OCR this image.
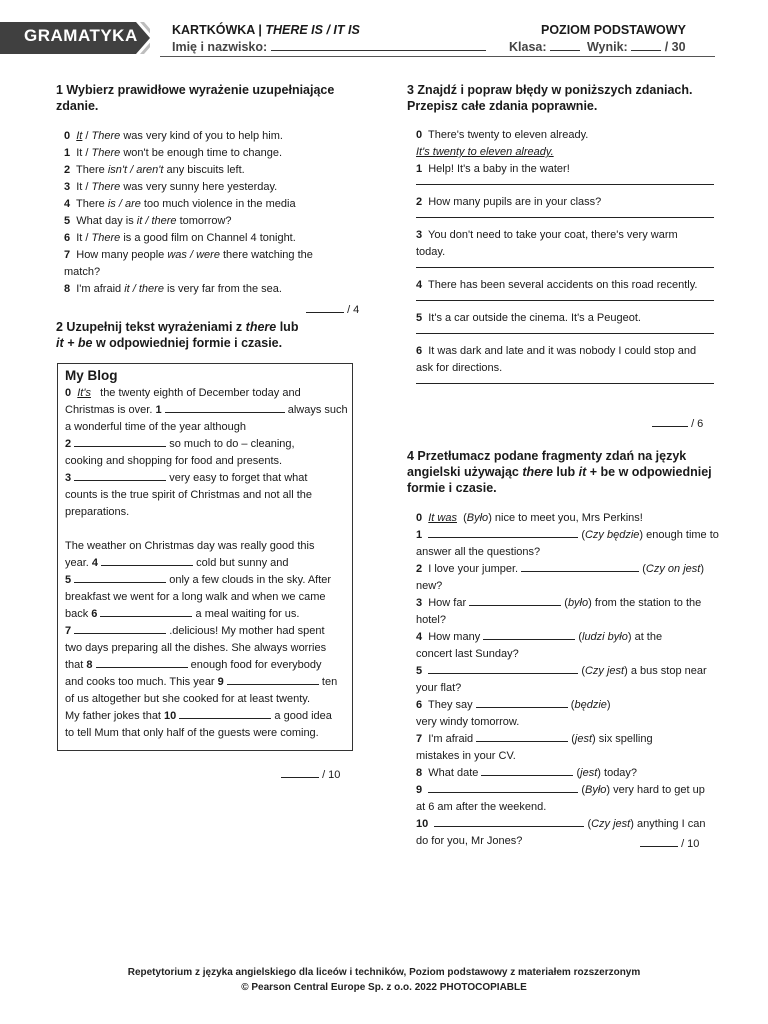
GRAMATYKA	KARTKÓWKA | THERE IS / IT IS
Imię i nazwisko:
POZIOM PODSTAWOWY
Klasa:	Wynik:	/ 30
1 Wybierz prawidłowe wyrażenie uzupełniające
zdanie.
0 It / There was very kind of you to help him.
1 It / There won't be enough time to change.
2 There isn't / aren't any biscuits left.
3 It / There was very sunny here yesterday.
4 There is / are too much violence in the media
5 What day is it / there tomorrow?
6 It / There is a good film on Channel 4 tonight.
7 How many people was / were there watching the
match?
8 I'm afraid it / there is very far from the sea.
/ 4
2 Uzupełnij tekst wyrażeniami z there lub
it + be w odpowiedniej formie i czasie.
My Blog
0 It's   the twenty eighth of December today and
Christmas is over. 1	always such
a wonderful time of the year although
2	so much to do – cleaning,
cooking and shopping for food and presents.
3	very easy to forget that what
counts is the true spirit of Christmas and not all the
preparations.
The weather on Christmas day was really good this
year. 4	cold but sunny and
5	only a few clouds in the sky. After
breakfast we went for a long walk and when we came
back 6	a meal waiting for us.
7	.delicious! My mother had spent
two days preparing all the dishes. She always worries
that 8	enough food for everybody
and cooks too much. This year 9	ten
of us altogether but she cooked for at least twenty.
My father jokes that 10	a good idea
to tell Mum that only half of the guests were coming.
/ 10
3 Znajdź i popraw błędy w poniższych zdaniach.
Przepisz całe zdania poprawnie.
0 There's twenty to eleven already.
It's twenty to eleven already.
1  Help! It's a baby in the water!
2  How many pupils are in your class?
3  You don't need to take your coat, there's very warm
today.
4  There has been several accidents on this road recently.
5  It's a car outside the cinema. It's a Peugeot.
6  It was dark and late and it was nobody I could stop and
ask for directions.
/ 6
4 Przetłumacz podane fragmenty zdań na język
angielski używając there lub it + be w odpowiedniej
formie i czasie.
0 It was (Było) nice to meet you, Mrs Perkins!
1	(Czy będzie) enough time to
answer all the questions?
2  I love your jumper.	(Czy on jest) new?
3  How far	(było) from the station to the
hotel?
4  How many	(ludzi było) at the
concert last Sunday?
5	(Czy jest) a bus stop near
your flat?
6  They say	(będzie)
very windy tomorrow.
7  I'm afraid	(jest) six spelling
mistakes in your CV.
8  What date	(jest) today?
9	(Było) very hard to get up
at 6 am after the weekend.
10	(Czy jest) anything I can
do for you, Mr Jones?	/ 10
Repetytorium z języka angielskiego dla liceów i techników, Poziom podstawowy z materiałem rozszerzonym
© Pearson Central Europe Sp. z o.o. 2022 PHOTOCOPIABLE
